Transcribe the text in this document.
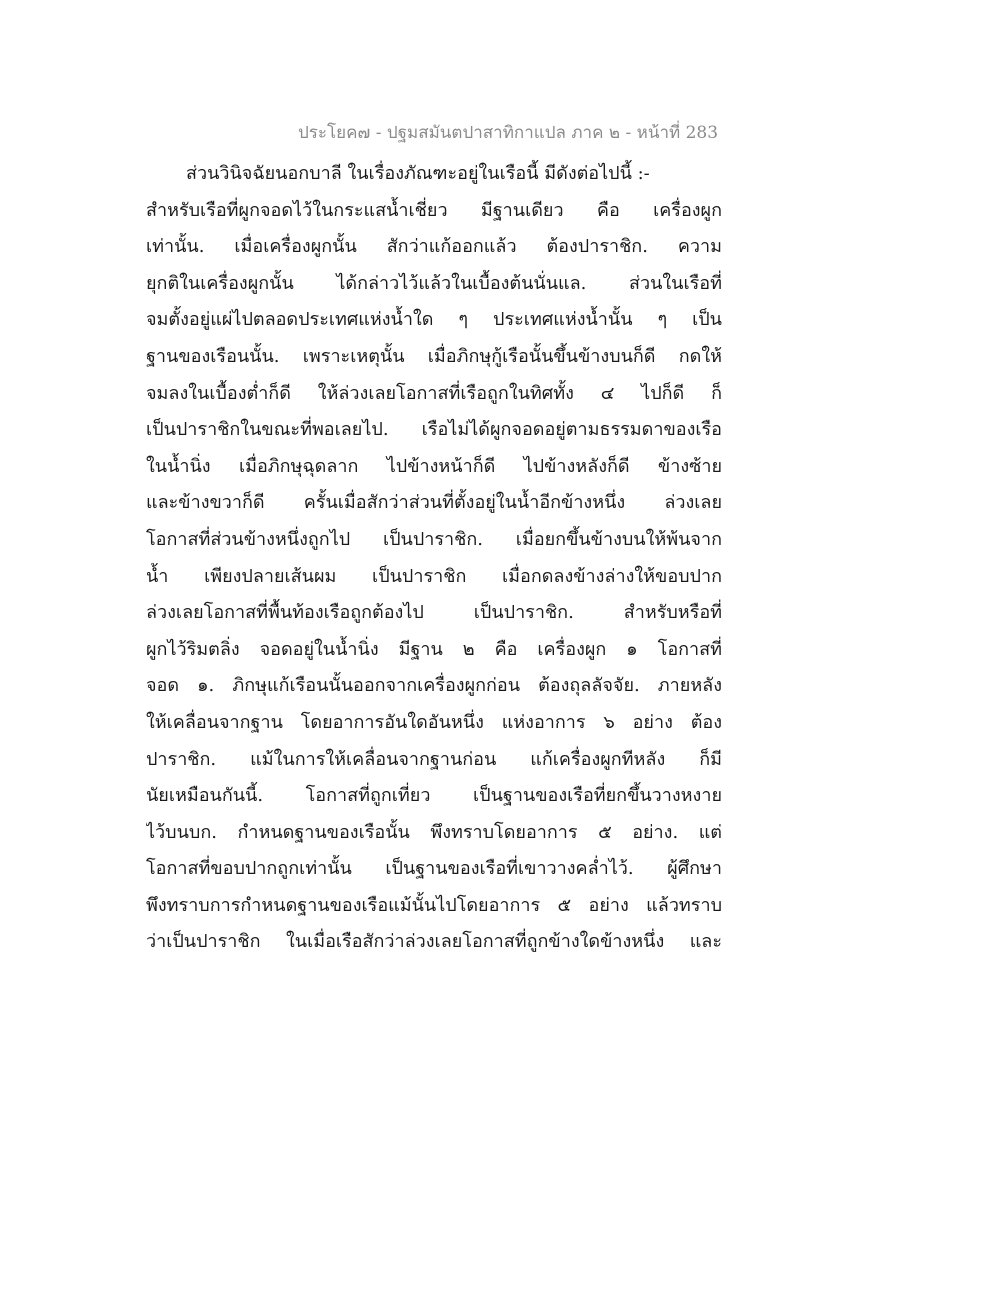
ประโยค๗ - ปฐมสมันตปาสาทิกาแปล ภาค ๒ - หน้าที่ 283
ส่วนวินิจฉัยนอกบาลี ในเรื่องภัณฑะอยู่ในเรือนี้ มีดังต่อไปนี้ :-
สำหรับเรือที่ผูกจอดไว้ในกระแสน้ำเชี่ยว มีฐานเดียว คือ เครื่องผูก
เท่านั้น. เมื่อเครื่องผูกนั้น สักว่าแก้ออกแล้ว ต้องปาราชิก. ความ
ยุกติในเครื่องผูกนั้น ได้กล่าวไว้แล้วในเบื้องต้นนั่นแล. ส่วนในเรือที่
จมตั้งอยู่แผ่ไปตลอดประเทศแห่งน้ำใด ๆ ประเทศแห่งน้ำนั้น ๆ เป็น
ฐานของเรือนนั้น. เพราะเหตุนั้น เมื่อภิกษุกู้เรือนั้นขึ้นข้างบนก็ดี กดให้
จมลงในเบื้องต่ำก็ดี ให้ล่วงเลยโอกาสที่เรือถูกในทิศทั้ง ๔ ไปก็ดี ก็
เป็นปาราชิกในขณะที่พอเลยไป. เรือไม่ได้ผูกจอดอยู่ตามธรรมดาของเรือ
ในน้ำนิ่ง เมื่อภิกษุฉุดลาก ไปข้างหน้าก็ดี ไปข้างหลังก็ดี ข้างซ้าย
และข้างขวาก็ดี ครั้นเมื่อสักว่าส่วนที่ตั้งอยู่ในน้ำอีกข้างหนึ่ง ล่วงเลย
โอกาสที่ส่วนข้างหนึ่งถูกไป เป็นปาราชิก. เมื่อยกขึ้นข้างบนให้พ้นจาก
น้ำ เพียงปลายเส้นผม เป็นปาราชิก เมื่อกดลงข้างล่างให้ขอบปาก
ล่วงเลยโอกาสที่พื้นท้องเรือถูกต้องไป เป็นปาราชิก. สำหรับหรือที่
ผูกไว้ริมตลิ่ง จอดอยู่ในน้ำนิ่ง มีฐาน ๒ คือ เครื่องผูก ๑ โอกาสที่
จอด ๑. ภิกษุแก้เรือนนั้นออกจากเครื่องผูกก่อน ต้องถุลลัจจัย. ภายหลัง
ให้เคลื่อนจากฐาน โดยอาการอันใดอันหนึ่ง แห่งอาการ ๖ อย่าง ต้อง
ปาราชิก. แม้ในการให้เคลื่อนจากฐานก่อน แก้เครื่องผูกทีหลัง ก็มี
นัยเหมือนกันนี้. โอกาสที่ถูกเที่ยว เป็นฐานของเรือที่ยกขึ้นวางหงาย
ไว้บนบก. กำหนดฐานของเรือนั้น พึงทราบโดยอาการ ๕ อย่าง. แต่
โอกาสที่ขอบปากถูกเท่านั้น เป็นฐานของเรือที่เขาวางคล่ำไว้. ผู้ศึกษา
พึงทราบการกำหนดฐานของเรือแม้นั้นไปโดยอาการ ๕ อย่าง แล้วทราบ
ว่าเป็นปาราชิก ในเมื่อเรือสักว่าล่วงเลยโอกาสที่ถูกข้างใดข้างหนึ่ง และ
